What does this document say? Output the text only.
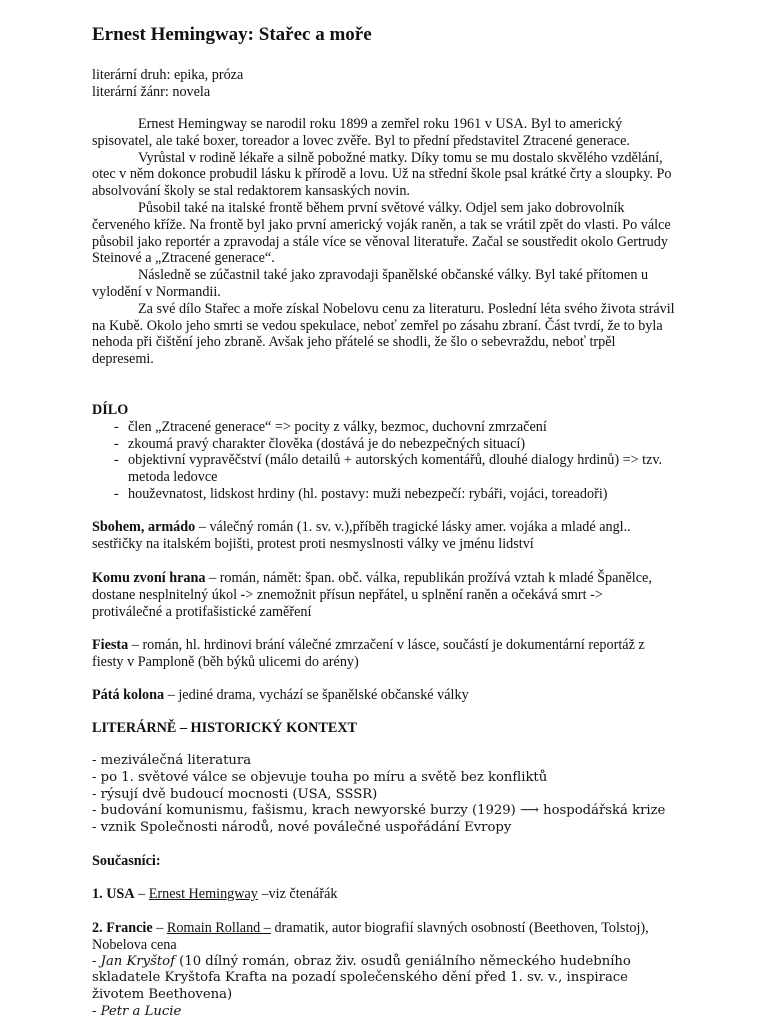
Ernest Hemingway: Stařec a moře

literární druh: epika, próza

literární žánr: novela

Ernest Hemingway se narodil roku 1899 a zemřel roku 1961 v USA. Byl to americký spisovatel, ale také boxer, toreador a lovec zvěře. Byl to přední představitel Ztracené generace.

Vyrůstal v rodině lékaře a silně pobožné matky. Díky tomu se mu dostalo skvělého vzdělání, otec v něm dokonce probudil lásku k přírodě a lovu. Už na střední škole psal krátké črty a sloupky. Po absolvování školy se stal redaktorem kansaských novin.

Působil také na italské frontě během první světové války. Odjel sem jako dobrovolník červeného kříže. Na frontě byl jako první americký voják raněn, a tak se vrátil zpět do vlasti. Po válce působil jako reportér a zpravodaj a stále více se věnoval literatuře. Začal se soustředit okolo Gertrudy Steinové a „Ztracené generace“.

Následně se zúčastnil také jako zpravodaji španělské občanské války. Byl také přítomen u vylodění v Normandii.

Za své dílo Stařec a moře získal Nobelovu cenu za literaturu. Poslední léta svého života strávil na Kubě. Okolo jeho smrti se vedou spekulace, neboť zemřel po zásahu zbraní. Část tvrdí, že to byla nehoda při čištění jeho zbraně. Avšak jeho přátelé se shodli, že šlo o sebevraždu, neboť trpěl depresemi.

DÍLO

- člen „Ztracené generace“ => pocity z války, bezmoc, duchovní zmrzačení
- zkoumá pravý charakter člověka (dostává je do nebezpečných situací)
- objektivní vypravěčství (málo detailů + autorských komentářů, dlouhé dialogy hrdinů) => tzv. metoda ledovce
- houževnatost, lidskost hrdiny (hl. postavy: muži nebezpečí: rybáři, vojáci, toreadoři)

Sbohem, armádo – válečný román (1. sv. v.),příběh tragické lásky amer. vojáka a mladé angl.. sestřičky na italském bojišti, protest proti nesmyslnosti války ve jménu lidství

Komu zvoní hrana – román, námět: špan. obč. válka, republikán prožívá vztah k mladé Španělce, dostane nesplnitelný úkol -> znemožnit přísun nepřátel, u splnění raněn a očekává smrt -> protiválečné a protifašistické zaměření

Fiesta – román, hl. hrdinovi brání válečné zmrzačení v lásce, součástí je dokumentární reportáž z fiesty v Pamploně (běh býků ulicemi do arény)

Pátá kolona – jediné drama, vychází se španělské občanské války

LITERÁRNĚ – HISTORICKÝ KONTEXT

- meziválečná literatura

- po 1. světové válce se objevuje touha po míru a světě bez konfliktů

- rýsují dvě budoucí mocnosti (USA, SSSR)

- budování komunismu, fašismu, krach newyorské burzy (1929) ⟶ hospodářská krize

- vznik Společnosti národů, nové poválečné uspořádání Evropy

Současníci:

1. USA – Ernest Hemingway –viz čtenářák

2. Francie – Romain Rolland – dramatik, autor biografií slavných osobností (Beethoven, Tolstoj), Nobelova cena

- Jan Kryštof (10 dílný román, obraz živ. osudů geniálního německého hudebního skladatele Kryštofa Krafta na pozadí společenského dění před 1. sv. v., inspirace životem Beethovena)

- Petr a Lucie
